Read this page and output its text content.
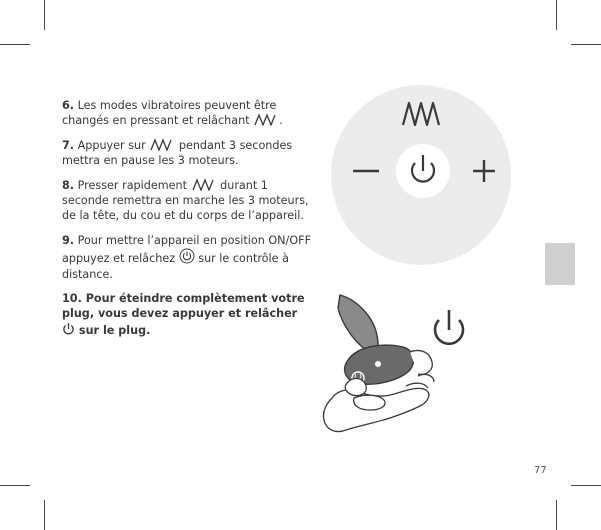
6. Les modes vibratoires peuvent être changés en pressant et relâchant	.

7. Appuyer sur	pendant 3 secondes mettra en pause les 3 moteurs.

8. Presser rapidement	durant 1 seconde remettra en marche les 3 moteurs, de la tête, du cou et du corps de l’appareil.

9. Pour mettre l’appareil en position ON/OFF appuyez et relâchez sur le contrôle à distance.

10. Pour éteindre complètement votre plug, vous devez appuyer et relâcher
sur le plug.

77
